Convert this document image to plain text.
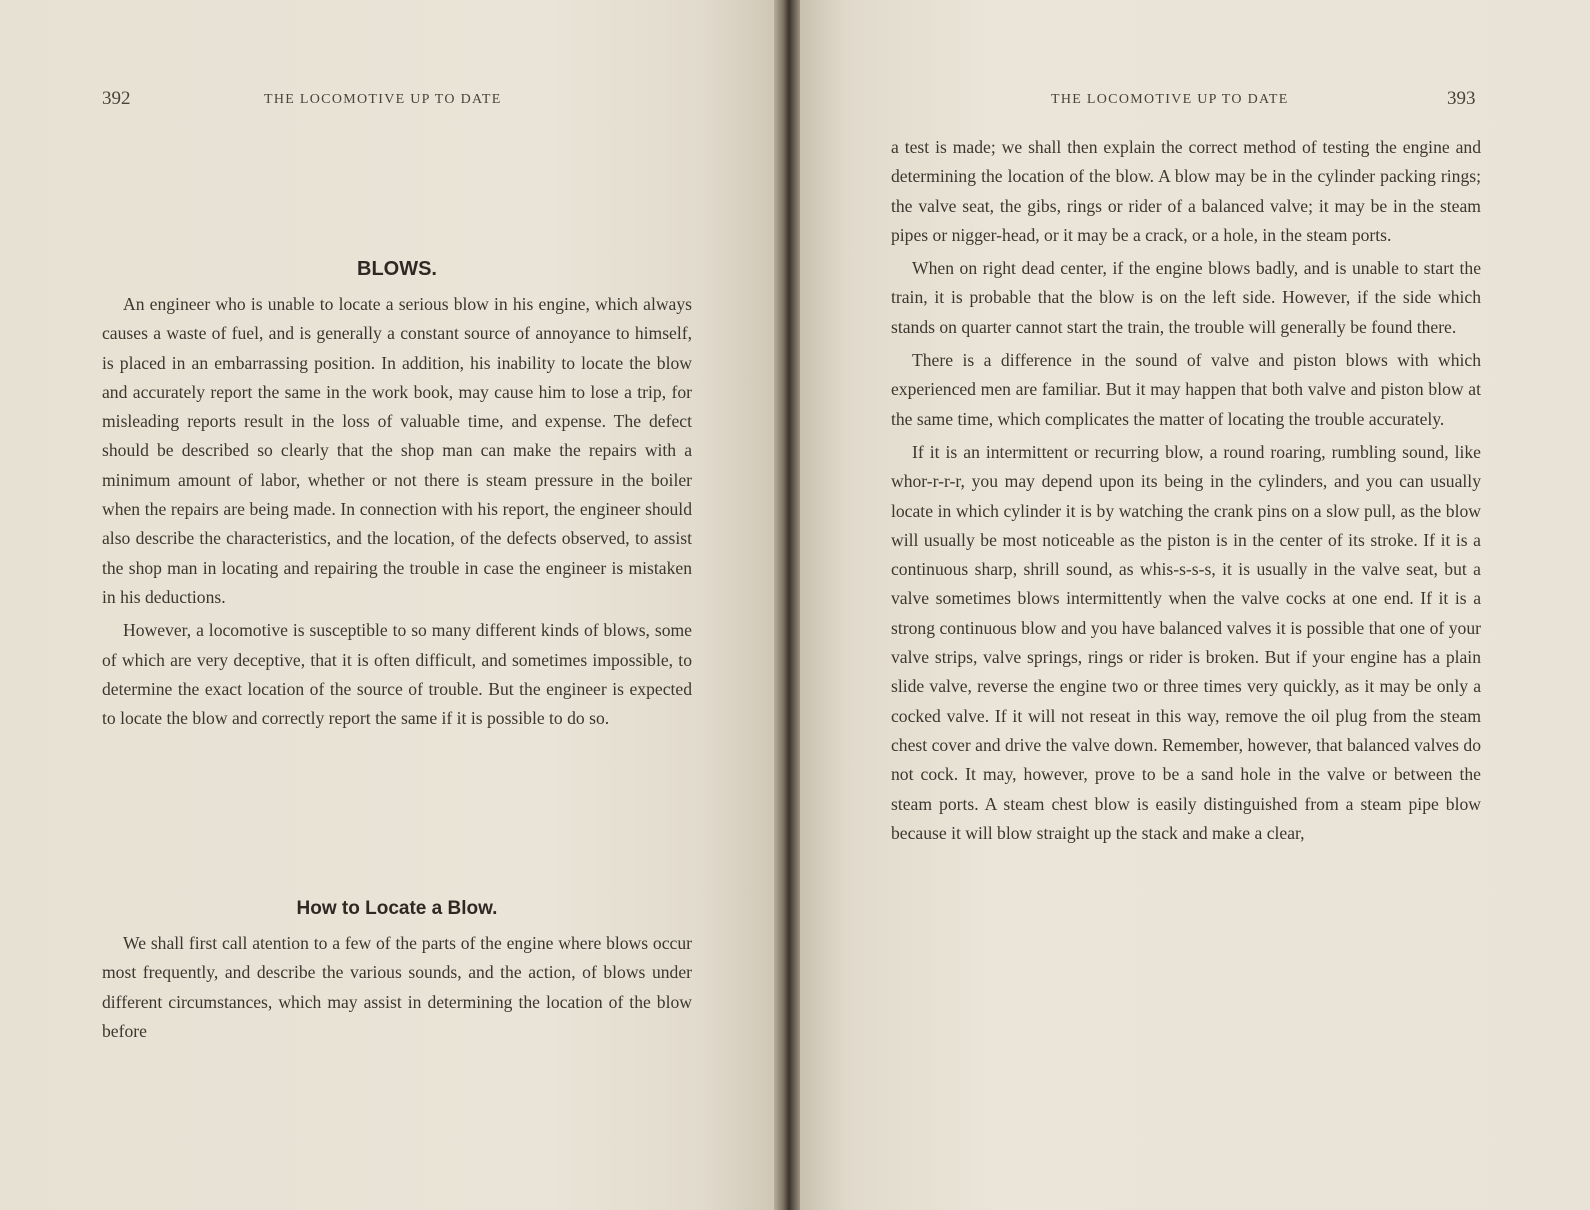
392	THE LOCOMOTIVE UP TO DATE
BLOWS.

An engineer who is unable to locate a serious blow in his engine, which always causes a waste of fuel, and is generally a constant source of annoyance to himself, is placed in an embarrassing position. In addition, his inability to locate the blow and accurately report the same in the work book, may cause him to lose a trip, for misleading reports result in the loss of valuable time, and expense. The defect should be described so clearly that the shop man can make the repairs with a minimum amount of labor, whether or not there is steam pressure in the boiler when the repairs are being made. In connection with his report, the engineer should also describe the characteristics, and the location, of the defects observed, to assist the shop man in locating and repairing the trouble in case the engineer is mistaken in his deductions.

However, a locomotive is susceptible to so many different kinds of blows, some of which are very deceptive, that it is often difficult, and sometimes impossible, to determine the exact location of the source of trouble. But the engineer is expected to locate the blow and correctly report the same if it is possible to do so.

How to Locate a Blow.

We shall first call atention to a few of the parts of the engine where blows occur most frequently, and describe the various sounds, and the action, of blows under different circumstances, which may assist in determining the location of the blow before

THE LOCOMOTIVE UP TO DATE	393

a test is made; we shall then explain the correct method of testing the engine and determining the location of the blow. A blow may be in the cylinder packing rings; the valve seat, the gibs, rings or rider of a balanced valve; it may be in the steam pipes or nigger-head, or it may be a crack, or a hole, in the steam ports.

When on right dead center, if the engine blows badly, and is unable to start the train, it is probable that the blow is on the left side. However, if the side which stands on quarter cannot start the train, the trouble will generally be found there.

There is a difference in the sound of valve and piston blows with which experienced men are familiar. But it may happen that both valve and piston blow at the same time, which complicates the matter of locating the trouble accurately.

If it is an intermittent or recurring blow, a round roaring, rumbling sound, like whor-r-r-r, you may depend upon its being in the cylinders, and you can usually locate in which cylinder it is by watching the crank pins on a slow pull, as the blow will usually be most noticeable as the piston is in the center of its stroke. If it is a continuous sharp, shrill sound, as whis-s-s-s, it is usually in the valve seat, but a valve sometimes blows intermittently when the valve cocks at one end. If it is a strong continuous blow and you have balanced valves it is possible that one of your valve strips, valve springs, rings or rider is broken. But if your engine has a plain slide valve, reverse the engine two or three times very quickly, as it may be only a cocked valve. If it will not reseat in this way, remove the oil plug from the steam chest cover and drive the valve down. Remember, however, that balanced valves do not cock. It may, however, prove to be a sand hole in the valve or between the steam ports. A steam chest blow is easily distinguished from a steam pipe blow because it will blow straight up the stack and make a clear,
